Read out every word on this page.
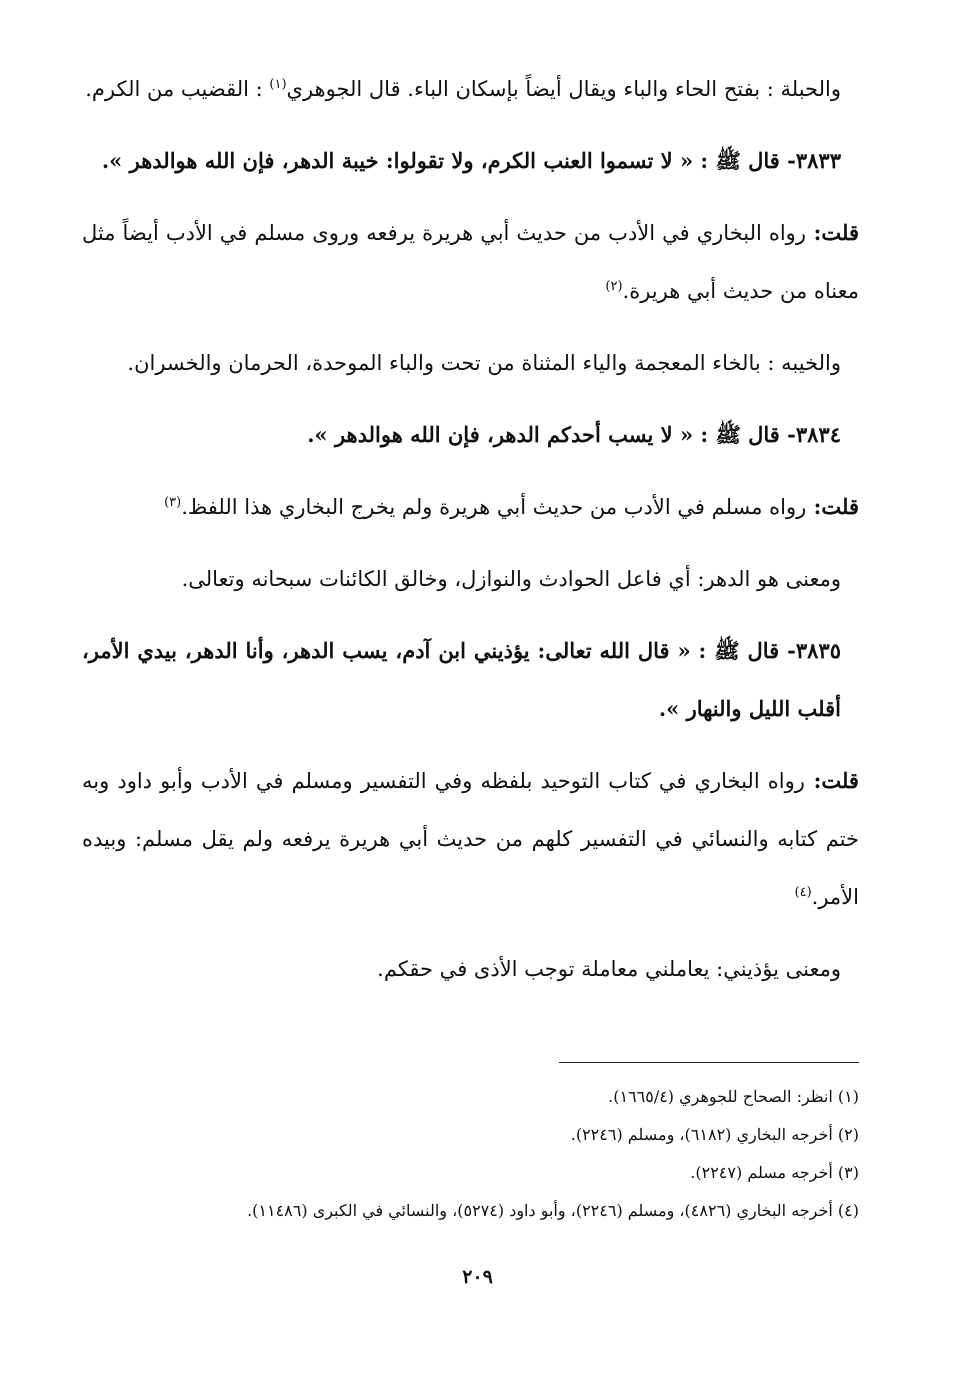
والحبلة : بفتح الحاء والباء ويقال أيضاً بإسكان الباء. قال الجوهري$^{(١)}$ : القضيب من الكرم.

٣٨٣٣- قال ﷺ : « لا تسموا العنب الكرم، ولا تقولوا: خيبة الدهر، فإن الله هوالدهر ».

قلت: رواه البخاري في الأدب من حديث أبي هريرة يرفعه وروى مسلم في الأدب أيضاً مثل معناه من حديث أبي هريرة.$^{(٢)}$

والخيبه : بالخاء المعجمة والياء المثناة من تحت والباء الموحدة، الحرمان والخسران.

٣٨٣٤- قال ﷺ : « لا يسب أحدكم الدهر، فإن الله هوالدهر ».

قلت: رواه مسلم في الأدب من حديث أبي هريرة ولم يخرج البخاري هذا اللفظ.$^{(٣)}$

ومعنى هو الدهر: أي فاعل الحوادث والنوازل، وخالق الكائنات سبحانه وتعالى.

٣٨٣٥- قال ﷺ : « قال الله تعالى: يؤذيني ابن آدم، يسب الدهر، وأنا الدهر، بيدي الأمر، أقلب الليل والنهار ».

قلت: رواه البخاري في كتاب التوحيد بلفظه وفي التفسير ومسلم في الأدب وأبو داود وبه ختم كتابه والنسائي في التفسير كلهم من حديث أبي هريرة يرفعه ولم يقل مسلم: وبيده الأمر.$^{(٤)}$

ومعنى يؤذيني: يعاملني معاملة توجب الأذى في حقكم.

(١) انظر: الصحاح للجوهري (١٦٦٥/٤).

(٢) أخرجه البخاري (٦١٨٢)، ومسلم (٢٢٤٦).

(٣) أخرجه مسلم (٢٢٤٧).

(٤) أخرجه البخاري (٤٨٢٦)، ومسلم (٢٢٤٦)، وأبو داود (٥٢٧٤)، والنسائي في الكبرى (١١٤٨٦).

٢٠٩
